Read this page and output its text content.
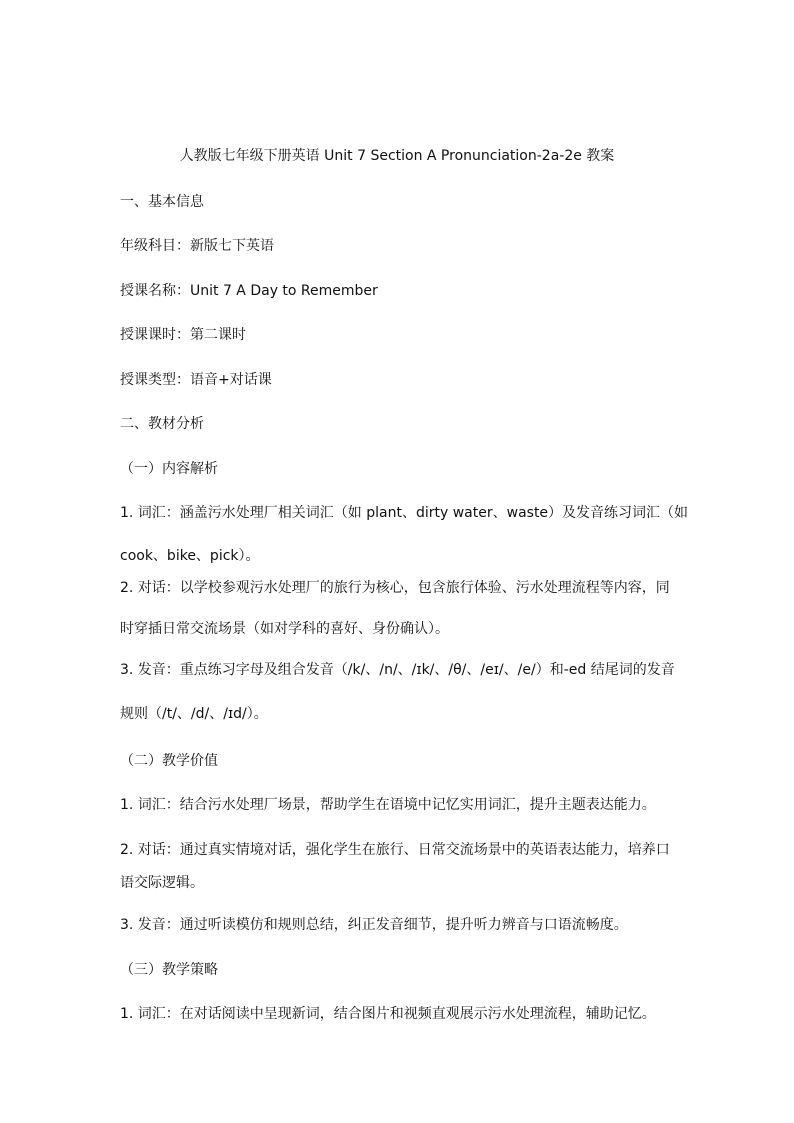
人教版七年级下册英语 Unit 7 Section A Pronunciation-2a-2e 教案
一、基本信息
年级科目：新版七下英语
授课名称：Unit 7 A Day to Remember
授课课时：第二课时
授课类型：语音+对话课
二、教材分析
（一）内容解析

1. 词汇：涵盖污水处理厂相关词汇（如 plant、dirty water、waste）及发音练习词汇（如

cook、bike、pick）。

2. 对话：以学校参观污水处理厂的旅行为核心，包含旅行体验、污水处理流程等内容，同

时穿插日常交流场景（如对学科的喜好、身份确认）。

3. 发音：重点练习字母及组合发音（/k/、/n/、/ɪk/、/θ/、/eɪ/、/e/）和-ed 结尾词的发音

规则（/t/、/d/、/ɪd/）。

（二）教学价值
1. 词汇：结合污水处理厂场景，帮助学生在语境中记忆实用词汇，提升主题表达能力。

2. 对话：通过真实情境对话，强化学生在旅行、日常交流场景中的英语表达能力，培养口

语交际逻辑。

3. 发音：通过听读模仿和规则总结，纠正发音细节，提升听力辨音与口语流畅度。
（三）教学策略
1. 词汇：在对话阅读中呈现新词，结合图片和视频直观展示污水处理流程，辅助记忆。
